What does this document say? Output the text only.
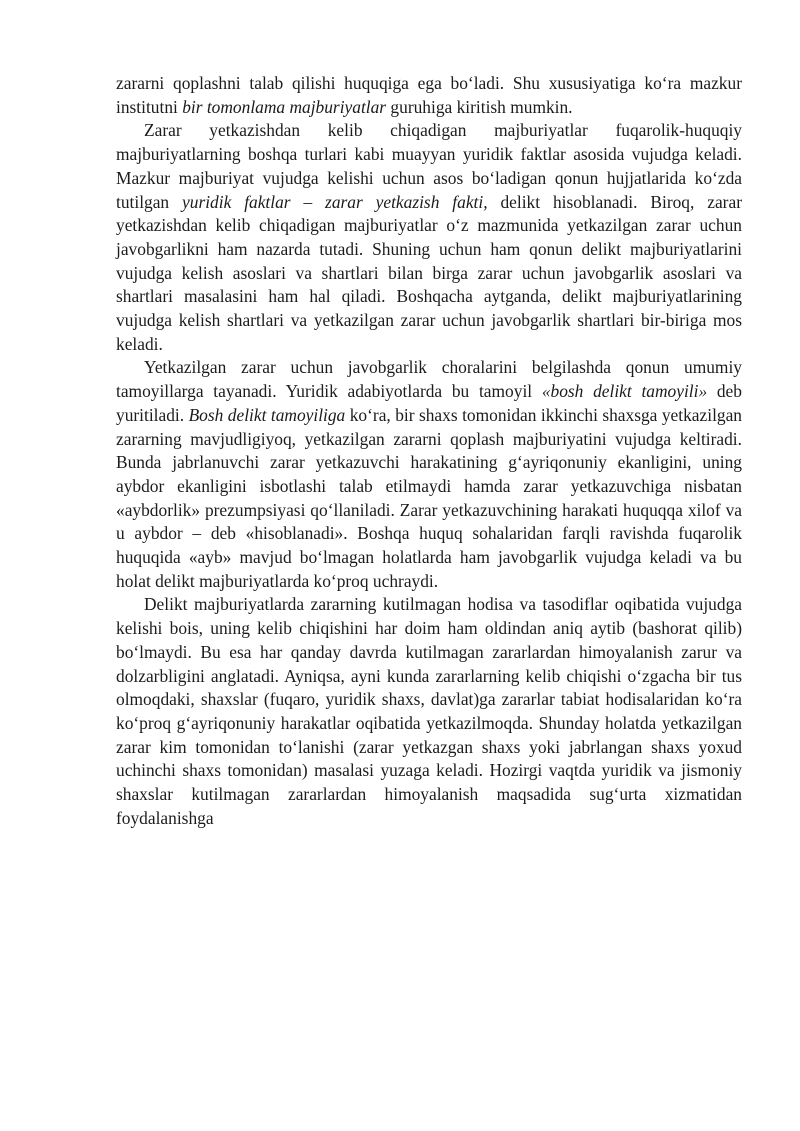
zararni qoplashni talab qilishi huquqiga ega bo‘ladi. Shu xususiyatiga ko‘ra mazkur institutni bir tomonlama majburiyatlar guruhiga kiritish mumkin.

Zarar yetkazishdan kelib chiqadigan majburiyatlar fuqarolik-huquqiy majburiyatlarning boshqa turlari kabi muayyan yuridik faktlar asosida vujudga keladi. Mazkur majburiyat vujudga kelishi uchun asos bo‘ladigan qonun hujjatlarida ko‘zda tutilgan yuridik faktlar – zarar yetkazish fakti, delikt hisoblanadi. Biroq, zarar yetkazishdan kelib chiqadigan majburiyatlar o‘z mazmunida yetkazilgan zarar uchun javobgarlikni ham nazarda tutadi. Shuning uchun ham qonun delikt majburiyatlarini vujudga kelish asoslari va shartlari bilan birga zarar uchun javobgarlik asoslari va shartlari masalasini ham hal qiladi. Boshqacha aytganda, delikt majburiyatlarining vujudga kelish shartlari va yetkazilgan zarar uchun javobgarlik shartlari bir-biriga mos keladi.

Yetkazilgan zarar uchun javobgarlik choralarini belgilashda qonun umumiy tamoyillarga tayanadi. Yuridik adabiyotlarda bu tamoyil «bosh delikt tamoyili» deb yuritiladi. Bosh delikt tamoyiliga ko‘ra, bir shaxs tomonidan ikkinchi shaxsga yetkazilgan zararning mavjudligiyoq, yetkazilgan zararni qoplash majburiyatini vujudga keltiradi. Bunda jabrlanuvchi zarar yetkazuvchi harakatining g‘ayriqonuniy ekanligini, uning aybdor ekanligini isbotlashi talab etilmaydi hamda zarar yetkazuvchiga nisbatan «aybdorlik» prezumpsiyasi qo‘llaniladi. Zarar yetkazuvchining harakati huquqqa xilof va u aybdor – deb «hisoblanadi». Boshqa huquq sohalaridan farqli ravishda fuqarolik huquqida «ayb» mavjud bo‘lmagan holatlarda ham javobgarlik vujudga keladi va bu holat delikt majburiyatlarda ko‘proq uchraydi.

Delikt majburiyatlarda zararning kutilmagan hodisa va tasodiflar oqibatida vujudga kelishi bois, uning kelib chiqishini har doim ham oldindan aniq aytib (bashorat qilib) bo‘lmaydi. Bu esa har qanday davrda kutilmagan zararlardan himoyalanish zarur va dolzarbligini anglatadi. Ayniqsa, ayni kunda zararlarning kelib chiqishi o‘zgacha bir tus olmoqdaki, shaxslar (fuqaro, yuridik shaxs, davlat)ga zararlar tabiat hodisalaridan ko‘ra ko‘proq g‘ayriqonuniy harakatlar oqibatida yetkazilmoqda. Shunday holatda yetkazilgan zarar kim tomonidan to‘lanishi (zarar yetkazgan shaxs yoki jabrlangan shaxs yoxud uchinchi shaxs tomonidan) masalasi yuzaga keladi. Hozirgi vaqtda yuridik va jismoniy shaxslar kutilmagan zararlardan himoyalanish maqsadida sug‘urta xizmatidan foydalanishga
